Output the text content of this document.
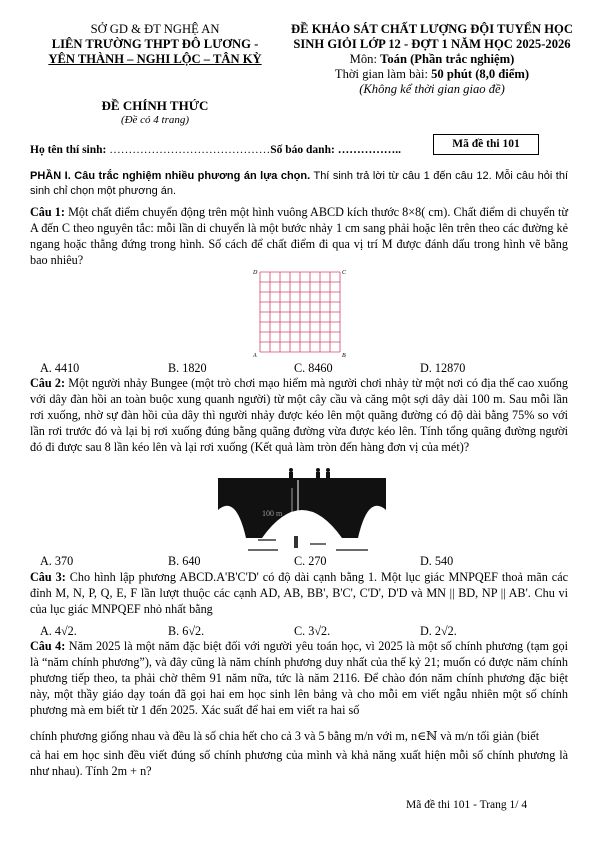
SỞ GD & ĐT NGHỆ AN
LIÊN TRƯỜNG THPT ĐÔ LƯƠNG -
YÊN THÀNH – NGHI LỘC – TÂN KỲ
ĐỀ CHÍNH THỨC
(Đề có 4 trang)
ĐỀ KHẢO SÁT CHẤT LƯỢNG ĐỘI TUYỂN HỌC
SINH GIỎI LỚP 12 - ĐỢT 1 NĂM HỌC 2025-2026
Môn: Toán (Phần trắc nghiệm)
Thời gian làm bài: 50 phút (8,0 điểm)
(Không kể thời gian giao đề)
Họ tên thí sinh: ……………………………………Số báo danh: ……………..	Mã đề thi 101
PHẦN I. Câu trắc nghiệm nhiều phương án lựa chọn. Thí sinh trả lời từ câu 1 đến câu 12. Mỗi câu hỏi thí sinh chỉ chọn một phương án.
Câu 1: Một chất điểm chuyển động trên một hình vuông ABCD kích thước 8×8( cm). Chất điểm di chuyển từ A đến C theo nguyên tắc: mỗi lần di chuyển là một bước nhảy 1 cm sang phải hoặc lên trên theo các đường kẻ ngang hoặc thẳng đứng trong hình. Số cách để chất điểm đi qua vị trí M được đánh dấu trong hình vẽ bằng bao nhiêu?
D	C
A	B
A. 4410	B. 1820	C. 8460	D. 12870
Câu 2: Một người nhảy Bungee (một trò chơi mạo hiểm mà người chơi nhảy từ một nơi có địa thế cao xuống với dây đàn hồi an toàn buộc xung quanh người) từ một cây cầu và căng một sợi dây dài 100 m. Sau mỗi lần rơi xuống, nhờ sự đàn hồi của dây thì người nhảy được kéo lên một quãng đường có độ dài bằng 75% so với lần rơi trước đó và lại bị rơi xuống đúng bằng quãng đường vừa được kéo lên. Tính tổng quãng đường người đó đi được sau 8 lần kéo lên và lại rơi xuống (Kết quả làm tròn đến hàng đơn vị của mét)?
100 m
A. 370	B. 640	C. 270	D. 540
Câu 3: Cho hình lập phương ABCD.A'B'C'D' có độ dài cạnh bằng 1. Một lục giác MNPQEF thoả mãn các đỉnh M, N, P, Q, E, F lần lượt thuộc các cạnh AD, AB, BB', B'C', C'D', D'D và MN || BD, NP || AB'. Chu vi của lục giác MNPQEF nhỏ nhất bằng
A. 4√2.	B. 6√2.	C. 3√2.	D. 2√2.
Câu 4: Năm 2025 là một năm đặc biệt đối với người yêu toán học, vì 2025 là một số chính phương (tạm gọi là “năm chính phương”), và đây cũng là năm chính phương duy nhất của thế kỷ 21; muốn có được năm chính phương tiếp theo, ta phải chờ thêm 91 năm nữa, tức là năm 2116. Để chào đón năm chính phương đặc biệt này, một thầy giáo dạy toán đã gọi hai em học sinh lên bảng và cho mỗi em viết ngẫu nhiên một số chính phương mà em biết từ 1 đến 2025. Xác suất để hai em viết ra hai số
chính phương giống nhau và đều là số chia hết cho cả 3 và 5 bằng m/n với m, n∈ℕ và m/n tối giản (biết
cả hai em học sinh đều viết đúng số chính phương của mình và khả năng xuất hiện mỗi số chính phương là như nhau). Tính 2m + n?
Mã đề thi 101 - Trang 1/ 4
